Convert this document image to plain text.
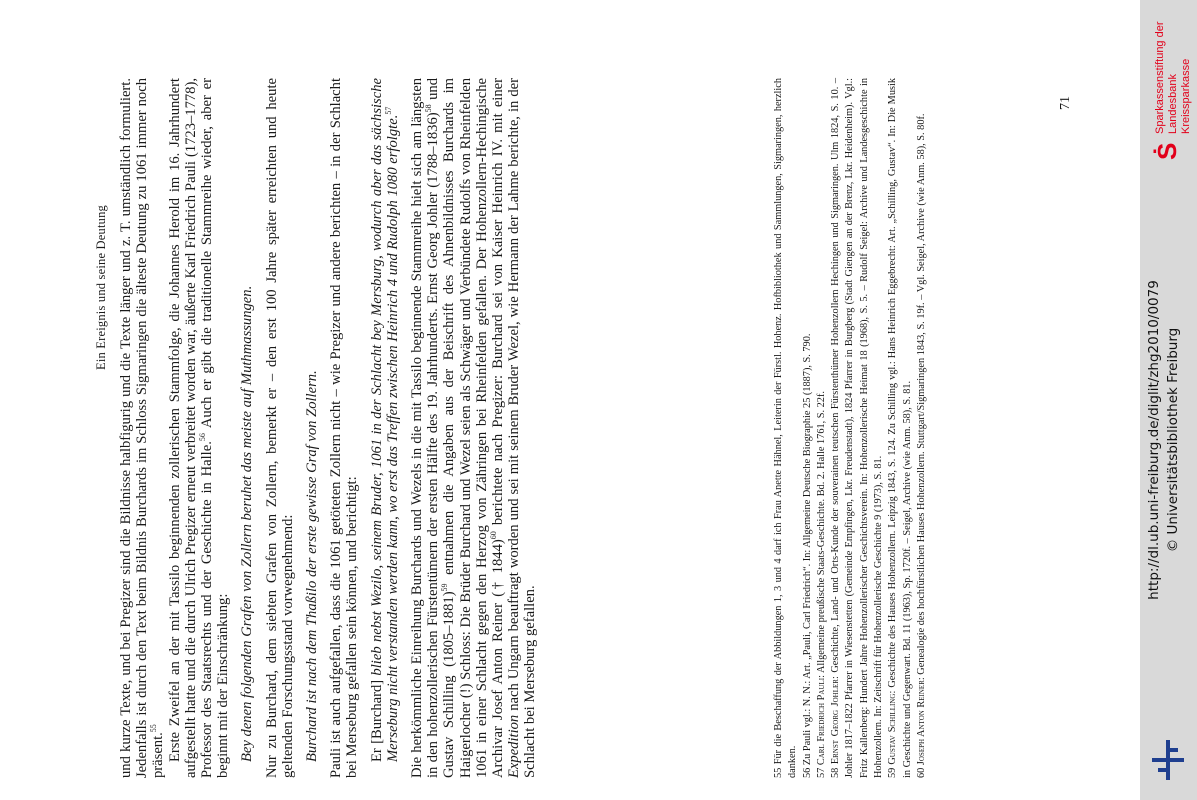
Ein Ereignis und seine Deutung und kurze Texte, und bei Pregizer sind die Bildnisse halbfigurig und die Texte länger und z. T. umständlich formuliert. Jedenfalls ist durch den Text beim Bildnis Burchards im Schloss Sigmaringen die älteste Deutung zu 1061 immer noch präsent.$^{55}$ Erste Zweifel an der mit Tassilo beginnenden zollerischen Stammfolge, die Johannes Herold im 16. Jahrhundert aufgestellt hatte und die durch Ulrich Pregizer erneut verbreitet worden war, äußerte Karl Friedrich Pauli (1723–1778), Professor des Staatsrechts und der Geschichte in Halle.$^{56}$ Auch er gibt die traditionelle Stammreihe wieder, aber er beginnt mit der Einschränkung: Bey denen folgenden Grafen von Zollern beruhet das meiste auf Muthmassungen. Nur zu Burchard, dem siebten Grafen von Zollern, bemerkt er – den erst 100 Jahre später erreichten und heute geltenden Forschungsstand vorwegnehmend: Burchard ist nach dem Thaßilo der erste gewisse Graf von Zollern. Pauli ist auch aufgefallen, dass die 1061 getöteten Zollern nicht – wie Pregizer und andere berichten – in der Schlacht bei Merseburg gefallen sein können, und berichtigt: Er [Burchard] blieb nebst Wezilo, seinem Bruder, 1061 in der Schlacht bey Mersburg, wodurch aber das sächsische Merseburg nicht verstanden werden kann, wo erst das Treffen zwischen Heinrich 4 und Rudolph 1080 erfolgte.$^{57}$	Die herkömmliche Einreihung Burchards und Wezels in die mit Tassilo beginnende Stammreihe hielt sich am längsten in den hohenzollerischen Fürstentümern der ersten Hälfte des 19. Jahrhunderts. Ernst Georg Johler (1788–1836)$^{58}$ und Gustav Schilling (1805–1881)$^{59}$ entnahmen die Angaben aus der Beischrift des Ahnenbildnisses Burchards im Haigerlocher (!) Schloss: Die Brüder Burchard und Wezel seien als Schwäger und Verbündete Rudolfs von Rheinfelden 1061 in einer Schlacht gegen den Herzog von Zähringen bei Rheinfelden gefallen. Der Hohenzollern-Hechingische Archivar Josef Anton Reiner († 1844)$^{60}$ berichtete nach Pregizer: Burchard sei von Kaiser Heinrich IV. mit einer Expedition nach Ungarn beauftragt worden und sei mit seinem Bruder Wezel, wie Hermann der Lahme berichte, in der Schlacht bei Merseburg gefallen.	55 Für die Beschaffung der Abbildungen 1, 3 und 4 darf ich Frau Anette Hähnel, Leiterin der Fürstl. Hohenz. Hofbibliothek und Sammlungen, Sigmaringen, herzlich danken. 56 Zu Pauli vgl.: N. N.: Art. „Pauli, Carl Friedrich“. In: Allgemeine Deutsche Biographie 25 (1887), S. 790.

57 Carl Friedrich Pauli: Allgemeine preußische Staats-Geschichte. Bd. 2. Halle 1761, S. 22f.

58 Ernst Georg Johler: Geschichte, Land- und Orts-Kunde der souverainen teutschen Fürstenthümer Hohenzollern Hechingen und Sigmaringen. Ulm 1824, S. 10. – Johler 1817–1822 Pfarrer in Wiesenstetten (Gemeinde Empfingen, Lkr. Freudenstadt), 1824 Pfarrer in Burgberg (Stadt Giengen an der Brenz, Lkr. Heidenheim). Vgl.: Fritz Kallenberg: Hundert Jahre Hohenzollerischer Geschichtsverein. In: Hohenzollerische Heimat 18 (1968), S. 5. – Rudolf Seigel: Archive und Landesgeschichte in Hohenzollern. In: Zeitschrift für Hohenzollerische Geschichte 9 (1973), S. 81. 59 Gustav Schilling: Geschichte des Hauses Hohenzollern. Leipzig 1843, S. 124. Zu Schilling vgl.: Hans Heinrich Eggebrecht: Art. „Schilling, Gustav“. In: Die Musik in Geschichte und Gegenwart. Bd. 11 (1963), Sp. 1720f. – Seigel, Archive (wie Anm. 58), S. 81. 60 Joseph Anton Reiner: Genealogie des hochfürstlichen Hauses Hohenzollern. Stuttgart/Sigmaringen 1843, S. 19f. – Vgl. Seigel, Archive (wie Anm. 58), S. 80f.

71
http://dl.ub.uni-freiburg.de/diglit/zhg2010/0079 © Universitätsbibliothek Freiburg
Ṡ
Sparkassenstiftung der Landesbank Kreissparkasse
